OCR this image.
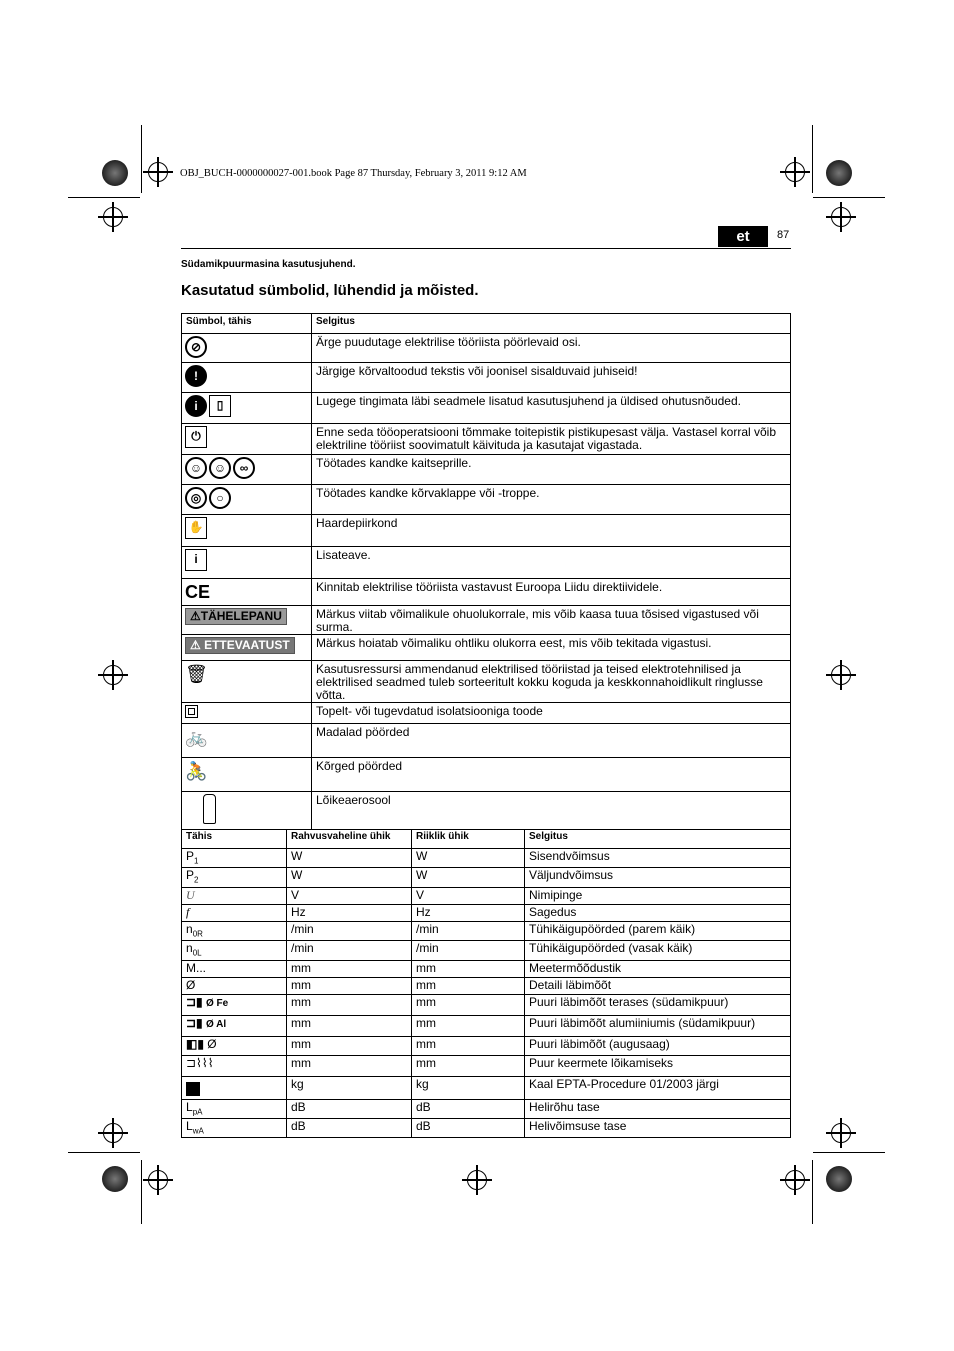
OBJ_BUCH-0000000027-001.book Page 87 Thursday, February 3, 2011 9:12 AM
et	87
Südamikpuurmasina kasutusjuhend.
Kasutatud sümbolid, lühendid ja mõisted.
Sümbol, tähis	Selgitus
⊘	Ärge puudutage elektrilise tööriista pöörlevaid osi.
!	Järgige kõrvaltoodud tekstis või joonisel sisalduvaid juhiseid!
i ▯	Lugege tingimata läbi seadmele lisatud kasutusjuhend ja üldised ohutusnõuded.
⏻	Enne seda tööoperatsiooni tõmmake toitepistik pistikupesast välja. Vastasel korral võib elektriline tööriist soovimatult käivituda ja kasutajat vigastada.
☺ ☺ ∞	Töötades kandke kaitseprille.
◎ ○	Töötades kandke kõrvaklappe või -troppe.
✋	Haardepiirkond
i	Lisateave.
C​E	Kinnitab elektrilise tööriista vastavust Euroopa Liidu direktiividele.
⚠TÄHELEPANU	Märkus viitab võimalikule ohuolukorrale, mis võib kaasa tuua tõsised vigastused või surma.
⚠ ETTEVAATUST	Märkus hoiatab võimaliku ohtliku olukorra eest, mis võib tekitada vigastusi.
🗑	Kasutusressursi ammendanud elektrilised tööriistad ja teised elektrotehnilised ja elektrilised seadmed tuleb sorteeritult kokku koguda ja keskkonnahoidlikult ringlusse võtta.

	Topelt- või tugevdatud isolatsiooniga toode
🚲	Madalad pöörded
🚴	Kõrged pöörded
	Lõikeaerosool
Tähis	Rahvusvaheline ühik	Riiklik ühik	Selgitus
$P_1$	W	W	Sisendvõimsus
$P_2$	W	W	Väljundvõimsus
U	V	V	Nimipinge
f	Hz	Hz	Sagedus
$n_{0R}$	/min	/min	Tühikäigupöörded (parem käik)
$n_{0L}$	/min	/min	Tühikäigupöörded (vasak käik)
M...	mm	mm	Meetermõõdustik
Ø	mm	mm	Detaili läbimõõt
⊐▮ Ø Fe	mm	mm	Puuri läbimõõt terases (südamikpuur)
⊐▮ Ø Al	mm	mm	Puuri läbimõõt alumiiniumis (südamikpuur)
◧▮ Ø	mm	mm	Puuri läbimõõt (augusaag)
⊐⌇⌇⌇	mm	mm	Puur keermete lõikamiseks
	kg	kg	Kaal EPTA-Procedure 01/2003 järgi
$L_{pA}$	dB	dB	Helirõhu tase
$L_{wA}$	dB	dB	Helivõimsuse tase
